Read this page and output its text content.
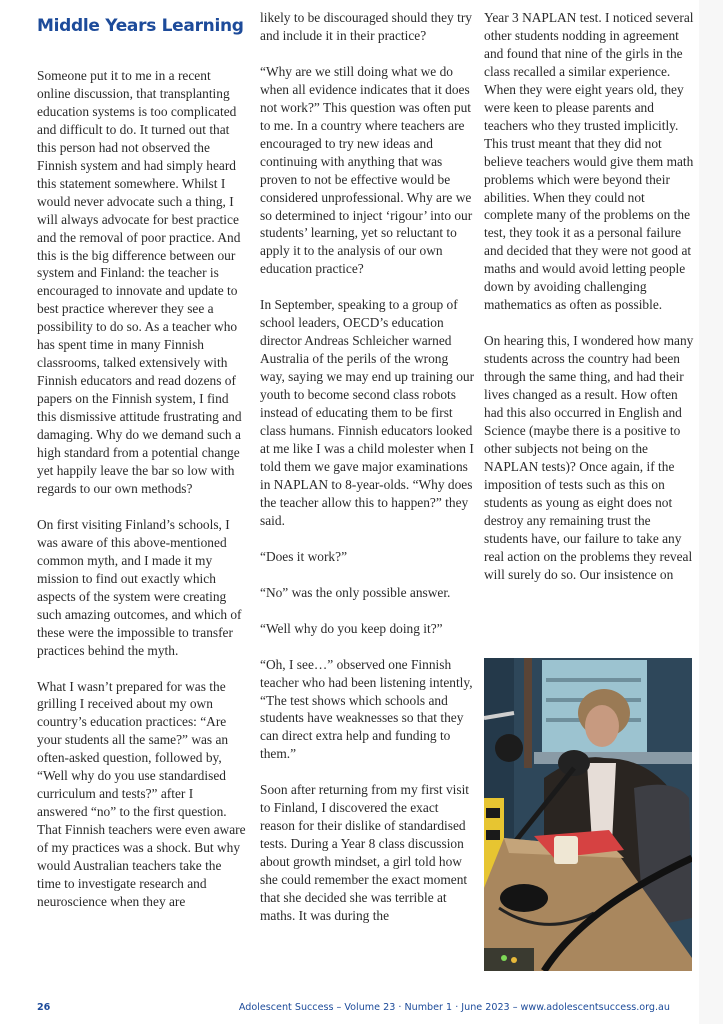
Middle Years Learning

Someone put it to me in a recent online discussion, that transplanting education systems is too complicated and difficult to do. It turned out that this person had not observed the Finnish system and had simply heard this statement somewhere. Whilst I would never advocate such a thing, I will always advocate for best practice and the removal of poor practice. And this is the big difference between our system and Finland: the teacher is encouraged to innovate and update to best practice wherever they see a possibility to do so. As a teacher who has spent time in many Finnish classrooms, talked extensively with Finnish educators and read dozens of papers on the Finnish system, I find this dismissive attitude frustrating and damaging. Why do we demand such a high standard from a potential change yet happily leave the bar so low with regards to our own methods?

On first visiting Finland’s schools, I was aware of this above-mentioned common myth, and I made it my mission to find out exactly which aspects of the system were creating such amazing outcomes, and which of these were the impossible to transfer practices behind the myth.

What I wasn’t prepared for was the grilling I received about my own country’s education practices: “Are your students all the same?” was an often-asked question, followed by, “Well why do you use standardised curriculum and tests?” after I answered “no” to the first question. That Finnish teachers were even aware of my practices was a shock. But why would Australian teachers take the time to investigate research and neuroscience when they are

likely to be discouraged should they try and include it in their practice?

“Why are we still doing what we do when all evidence indicates that it does not work?” This question was often put to me. In a country where teachers are encouraged to try new ideas and continuing with anything that was proven to not be effective would be considered unprofessional. Why are we so determined to inject ‘rigour’ into our students’ learning, yet so reluctant to apply it to the analysis of our own education practice?

In September, speaking to a group of school leaders, OECD’s education director Andreas Schleicher warned Australia of the perils of the wrong way, saying we may end up training our youth to become second class robots instead of educating them to be first class humans. Finnish educators looked at me like I was a child molester when I told them we gave major examinations in NAPLAN to 8-year-olds. “Why does the teacher allow this to happen?” they said.

“Does it work?”

“No” was the only possible answer.

“Well why do you keep doing it?”

“Oh, I see…” observed one Finnish teacher who had been listening intently, “The test shows which schools and students have weaknesses so that they can direct extra help and funding to them.”

Soon after returning from my first visit to Finland, I discovered the exact reason for their dislike of standardised tests. During a Year 8 class discussion about growth mindset, a girl told how she could remember the exact moment that she decided she was terrible at maths. It was during the

Year 3 NAPLAN test. I noticed several other students nodding in agreement and found that nine of the girls in the class recalled a similar experience. When they were eight years old, they were keen to please parents and teachers who they trusted implicitly. This trust meant that they did not believe teachers would give them math problems which were beyond their abilities. When they could not complete many of the problems on the test, they took it as a personal failure and decided that they were not good at maths and would avoid letting people down by avoiding challenging mathematics as often as possible.

On hearing this, I wondered how many students across the country had been through the same thing, and had their lives changed as a result. How often had this also occurred in English and Science (maybe there is a positive to other subjects not being on the NAPLAN tests)? Once again, if the imposition of tests such as this on students as young as eight does not destroy any remaining trust the students have, our failure to take any real action on the problems they reveal will surely do so. Our insistence on

26	Adolescent Success – Volume 23 · Number 1 · June 2023 – www.adolescentsuccess.org.au
